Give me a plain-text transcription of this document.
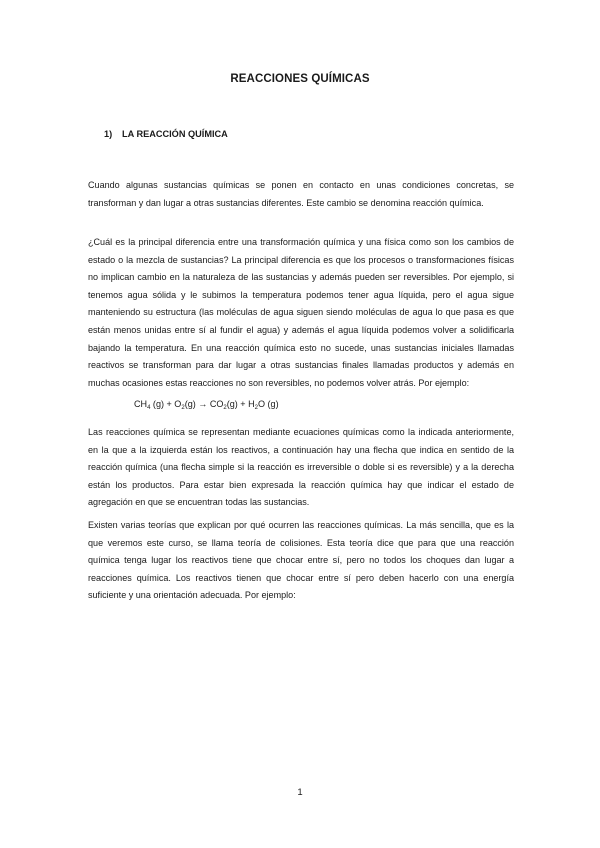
REACCIONES QUÍMICAS
1) LA REACCIÓN QUÍMICA

Cuando algunas sustancias químicas se ponen en contacto en unas condiciones concretas, se transforman y dan lugar a otras sustancias diferentes. Este cambio se denomina reacción química.

¿Cuál es la principal diferencia entre una transformación química y una física como son los cambios de estado o la mezcla de sustancias? La principal diferencia es que los procesos o transformaciones físicas no implican cambio en la naturaleza de las sustancias y además pueden ser reversibles. Por ejemplo, si tenemos agua sólida y le subimos la temperatura podemos tener agua líquida, pero el agua sigue manteniendo su estructura (las moléculas de agua siguen siendo moléculas de agua lo que pasa es que están menos unidas entre sí al fundir el agua) y además el agua líquida podemos volver a solidificarla bajando la temperatura. En una reacción química esto no sucede, unas sustancias iniciales llamadas reactivos se transforman para dar lugar a otras sustancias finales llamadas productos y además en muchas ocasiones estas reacciones no son reversibles, no podemos volver atrás. Por ejemplo:

$CH_4$ $(g) + O_2(g) \to CO_2(g) + H_2O$ (g)

Las reacciones química se representan mediante ecuaciones químicas como la indicada anteriormente, en la que a la izquierda están los reactivos, a continuación hay una flecha que indica en sentido de la reacción química (una flecha simple si la reacción es irreversible o doble si es reversible) y a la derecha están los productos. Para estar bien expresada la reacción química hay que indicar el estado de agregación en que se encuentran todas las sustancias.

Existen varias teorías que explican por qué ocurren las reacciones químicas. La más sencilla, que es la que veremos este curso, se llama teoría de colisiones. Esta teoría dice que para que una reacción química tenga lugar los reactivos tiene que chocar entre sí, pero no todos los choques dan lugar a reacciones química. Los reactivos tienen que chocar entre sí pero deben hacerlo con una energía suficiente y una orientación adecuada. Por ejemplo:

1
